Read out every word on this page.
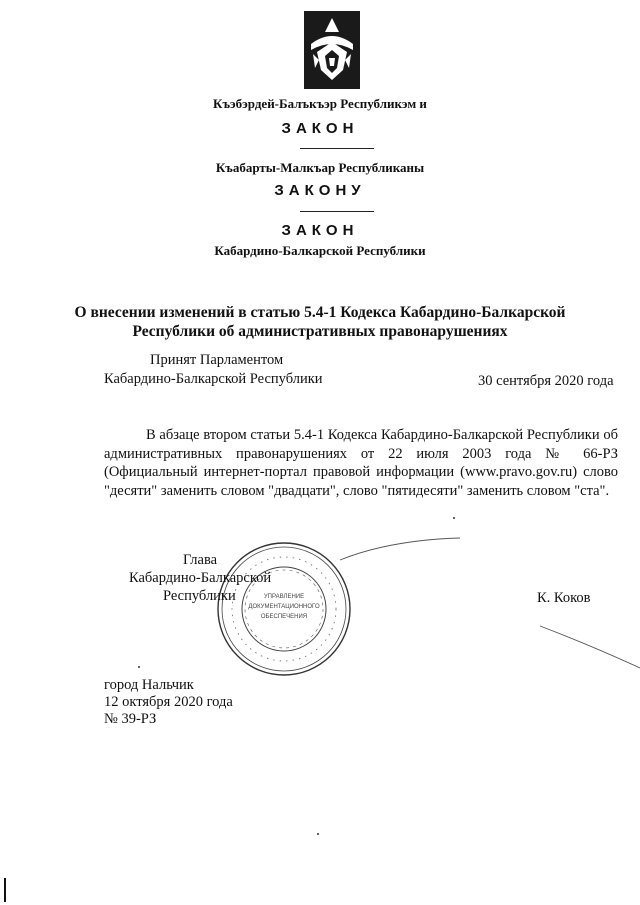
Къэбэрдей-Балъкъэр Республикэм и
ЗАКОН
Къабарты-Малкъар Республиканы
ЗАКОНУ
ЗАКОН
Кабардино-Балкарской Республики
О внесении изменений в статью 5.4-1 Кодекса Кабардино-Балкарской
Республики об административных правонарушениях
Принят Парламентом
Кабардино-Балкарской Республики	30 сентября 2020 года

В абзаце втором статьи 5.4-1 Кодекса Кабардино-Балкарской Республики об административных правонарушениях от 22 июля 2003 года № 66-РЗ (Официальный интернет-портал правовой информации (www.pravo.gov.ru) слово "десяти" заменить словом "двадцати", слово "пятидесяти" заменить словом "ста".

УПРАВЛЕНИЕ
ДОКУМЕНТАЦИОННОГО
ОБЕСПЕЧЕНИЯ
Глава
Кабардино-Балкарской
Республики	К. Коков
город Нальчик
12 октября 2020 года
№ 39-РЗ
